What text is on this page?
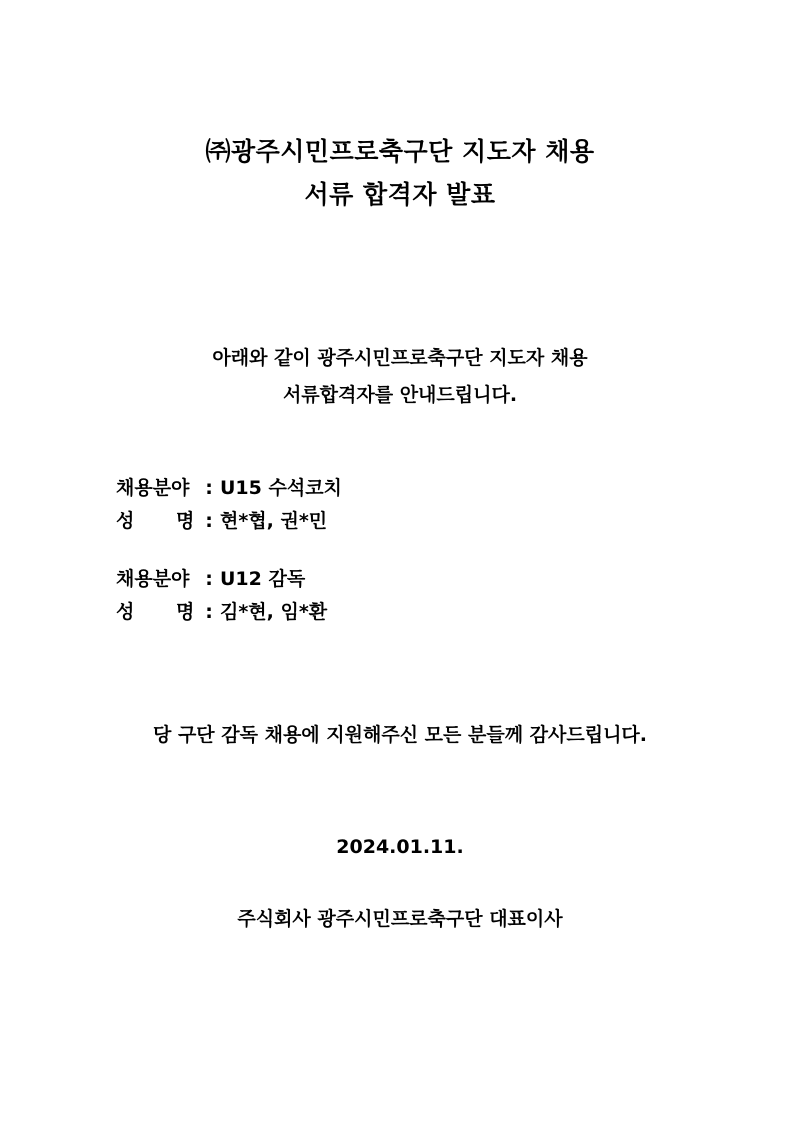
㈜광주시민프로축구단 지도자 채용
서류 합격자 발표
아래와 같이 광주시민프로축구단 지도자 채용
서류합격자를 안내드립니다.
채용분야 : U15 수석코치
성 명 : 현*협, 권*민
채용분야 : U12 감독
성 명 : 김*현, 임*환
당 구단 감독 채용에 지원해주신 모든 분들께 감사드립니다.
2024.01.11.
주식회사 광주시민프로축구단 대표이사
